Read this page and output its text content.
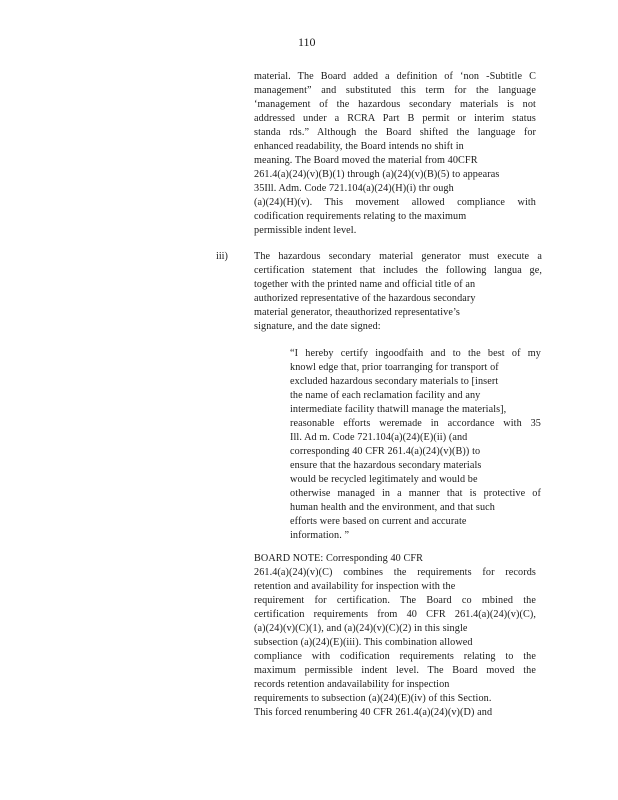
110
material. The Board added a definition of ‘non -Subtitle C
management” and substituted this term for the language
‘management of the hazardous secondary materials is not
addressed under a RCRA Part B permit or interim status
standa rds.” Although the Board shifted the language for
enhanced readability, the Board intends no shift in
meaning. The Board moved the material from 40CFR
261.4(a)(24)(v)(B)(1) through (a)(24)(v)(B)(5) to appearas
35Ill. Adm. Code 721.104(a)(24)(H)(i) thr ough
(a)(24)(H)(v). This movement allowed compliance with
codification requirements relating to the maximum
permissible indent level.
iii)	The hazardous secondary material generator must execute a
certification statement that includes the following langua ge,
together with the printed name and official title of an
authorized representative of the hazardous secondary
material generator, theauthorized representative’s
signature, and the date signed:
“I hereby certify ingoodfaith and to the best of my
knowl edge that, prior toarranging for transport of
excluded hazardous secondary materials to [insert
the name of each reclamation facility and any
intermediate facility thatwill manage the materials],
reasonable efforts weremade in accordance with 35
Ill. Ad m. Code 721.104(a)(24)(E)(ii) (and
corresponding 40 CFR 261.4(a)(24)(v)(B)) to
ensure that the hazardous secondary materials
would be recycled legitimately and would be
otherwise managed in a manner that is protective of
human health and the environment, and that such
efforts were based on current and accurate
information. ”
BOARD NOTE: Corresponding 40 CFR
261.4(a)(24)(v)(C) combines the requirements for records
retention and availability for inspection with the
requirement for certification. The Board co mbined the
certification requirements from 40 CFR 261.4(a)(24)(v)(C),
(a)(24)(v)(C)(1), and (a)(24)(v)(C)(2) in this single
subsection (a)(24)(E)(iii). This combination allowed
compliance with codification requirements relating to the
maximum permissible indent level. The Board moved the
records retention andavailability for inspection
requirements to subsection (a)(24)(E)(iv) of this Section.
This forced renumbering 40 CFR 261.4(a)(24)(v)(D) and
